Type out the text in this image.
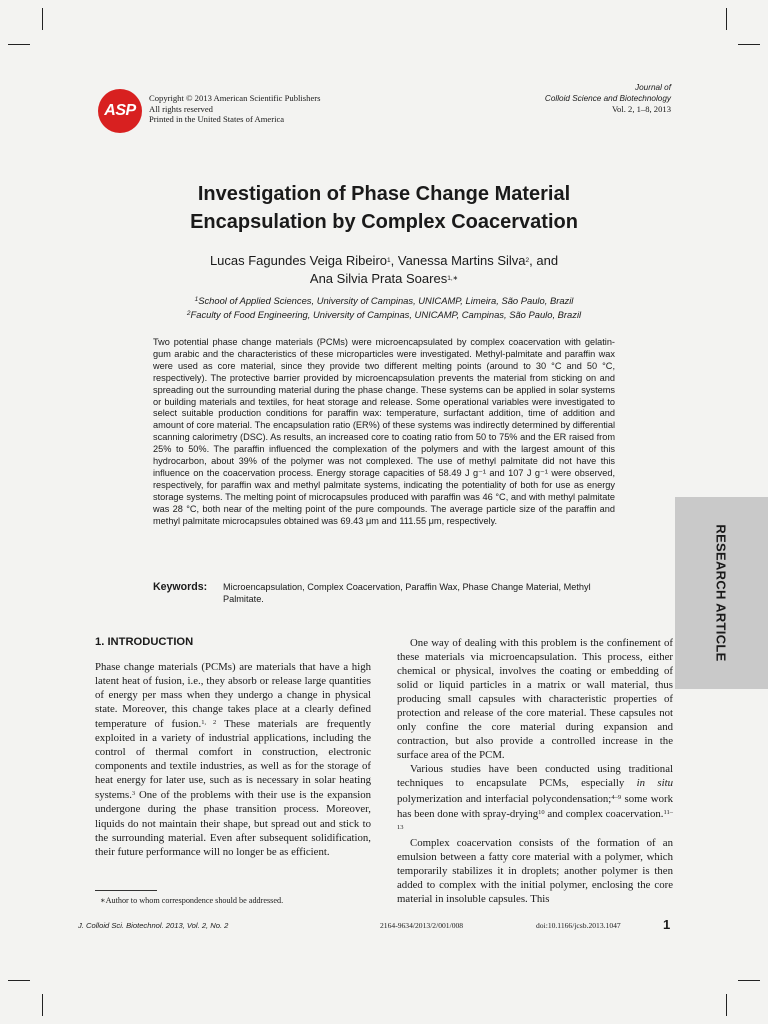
ASP
Copyright © 2013 American Scientific Publishers
All rights reserved
Printed in the United States of America
Journal of
Colloid Science and Biotechnology
Vol. 2, 1–8, 2013
Investigation of Phase Change Material
Encapsulation by Complex Coacervation
Lucas Fagundes Veiga Ribeiro$^1$, Vanessa Martins Silva$^2$, and
Ana Silvia Prata Soares$^{1,∗}$
$^1$School of Applied Sciences, University of Campinas, UNICAMP, Limeira, São Paulo, Brazil
$^2$Faculty of Food Engineering, University of Campinas, UNICAMP, Campinas, São Paulo, Brazil
Two potential phase change materials (PCMs) were microencapsulated by complex coacervation with gelatin-gum arabic and the characteristics of these microparticles were investigated. Methyl-palmitate and paraffin wax were used as core material, since they provide two different melting points (around to 30 °C and 50 °C, respectively). The protective barrier provided by microencapsulation prevents the material from sticking on and spreading out the surrounding material during the phase change. These systems can be applied in solar systems or building materials and textiles, for heat storage and release. Some operational variables were investigated to select suitable production conditions for paraffin wax: temperature, surfactant addition, time of addition and amount of core material. The encapsulation ratio (ER%) of these systems was indirectly determined by differential scanning calorimetry (DSC). As results, an increased core to coating ratio from 50 to 75% and the ER raised from 25% to 50%. The paraffin influenced the complexation of the polymers and with the largest amount of this hydrocarbon, about 39% of the polymer was not complexed. The use of methyl palmitate did not have this influence on the coacervation process. Energy storage capacities of 58.49 J g⁻¹ and 107 J g⁻¹ were observed, respectively, for paraffin wax and methyl palmitate systems, indicating the potentiality of both for use as energy storage systems. The melting point of microcapsules produced with paraffin was 46 °C, and with methyl palmitate was 28 °C, both near of the melting point of the pure compounds. The average particle size of the paraffin and methyl palmitate microcapsules obtained was 69.43 μm and 111.55 μm, respectively.
Keywords:	Microencapsulation, Complex Coacervation, Paraffin Wax, Phase Change Material, Methyl Palmitate.	RESEARCH ARTICLE
1. INTRODUCTION

Phase change materials (PCMs) are materials that have a high latent heat of fusion, i.e., they absorb or release large quantities of energy per mass when they undergo a change in physical state. Moreover, this change takes place at a clearly defined temperature of fusion.$^{1, 2}$ These materials are frequently exploited in a variety of industrial applications, including the control of thermal comfort in construction, electronic components and textile industries, as well as for the storage of heat energy for later use, such as is necessary in solar heating systems.$^3$ One of the problems with their use is the expansion undergone during the phase transition process. Moreover, liquids do not maintain their shape, but spread out and stick to the surrounding material. Even after subsequent solidification, their future performance will no longer be as efficient.

One way of dealing with this problem is the confinement of these materials via microencapsulation. This process, either chemical or physical, involves the coating or embedding of solid or liquid particles in a matrix or wall material, thus producing small capsules with characteristic properties of protection and release of the core material. These capsules not only confine the core material during expansion and contraction, but also provide a controlled increase in the surface area of the PCM.

Various studies have been conducted using traditional techniques to encapsulate PCMs, especially in situ polymerization and interfacial polycondensation;$^{4-9}$ some work has been done with spray-drying$^{10}$ and complex coacervation.$^{11-13}$

Complex coacervation consists of the formation of an emulsion between a fatty core material with a polymer, which temporarily stabilizes it in droplets; another polymer is then added to complex with the initial polymer, enclosing the core material in insoluble capsules. This

∗Author to whom correspondence should be addressed.
J. Colloid Sci. Biotechnol. 2013, Vol. 2, No. 2	2164-9634/2013/2/001/008	doi:10.1166/jcsb.2013.1047	1
